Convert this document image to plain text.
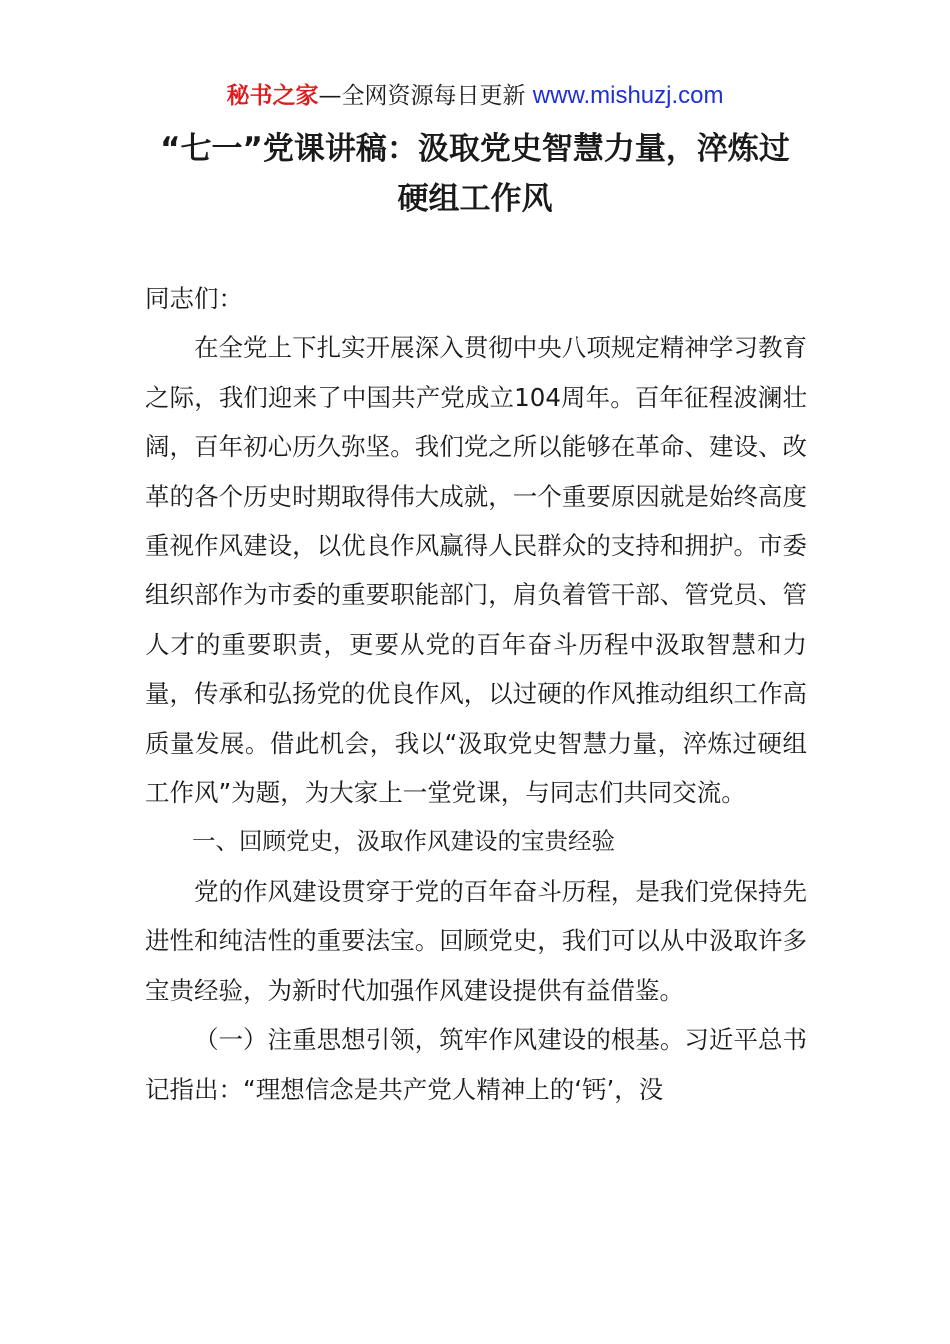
秘书之家—全网资源每日更新 www.mishuzj.com
“七一”党课讲稿：汲取党史智慧力量，淬炼过硬组工作风

同志们：

在全党上下扎实开展深入贯彻中央八项规定精神学习教育之际，我们迎来了中国共产党成立104周年。百年征程波澜壮阔，百年初心历久弥坚。我们党之所以能够在革命、建设、改革的各个历史时期取得伟大成就，一个重要原因就是始终高度重视作风建设，以优良作风赢得人民群众的支持和拥护。市委组织部作为市委的重要职能部门，肩负着管干部、管党员、管人才的重要职责，更要从党的百年奋斗历程中汲取智慧和力量，传承和弘扬党的优良作风，以过硬的作风推动组织工作高质量发展。借此机会，我以“汲取党史智慧力量，淬炼过硬组工作风”为题，为大家上一堂党课，与同志们共同交流。

一、回顾党史，汲取作风建设的宝贵经验

党的作风建设贯穿于党的百年奋斗历程，是我们党保持先进性和纯洁性的重要法宝。回顾党史，我们可以从中汲取许多宝贵经验，为新时代加强作风建设提供有益借鉴。

（一）注重思想引领，筑牢作风建设的根基。习近平总书记指出：“理想信念是共产党人精神上的‘钙’，没
